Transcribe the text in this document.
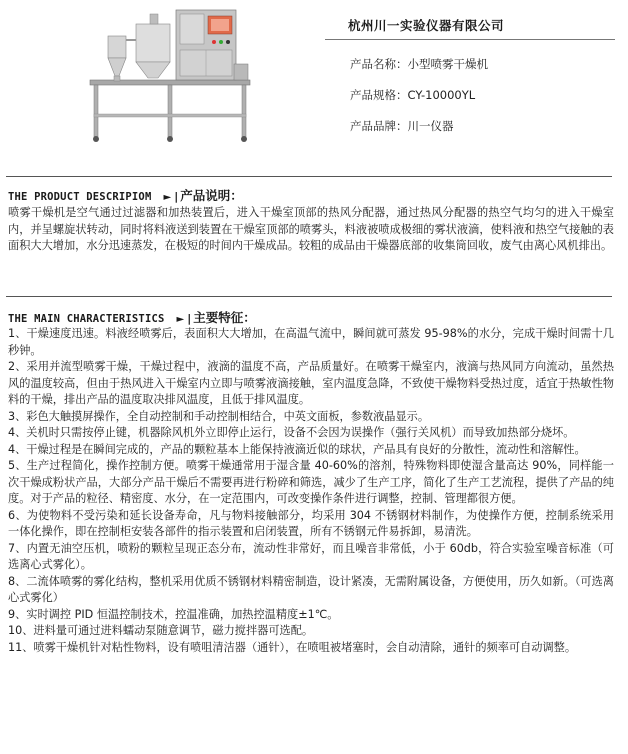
杭州川一实验仪器有限公司
产品名称：小型喷雾干燥机
产品规格：CY-10000YL
产品品牌：川一仪器
THE PRODUCT DESCRIPIOM ► | 产品说明：
喷雾干燥机是空气通过过滤器和加热装置后，进入干燥室顶部的热风分配器，通过热风分配器的热空气均匀的进入干燥室内，并呈螺旋状转动，同时将料液送到装置在干燥室顶部的喷雾头，料液被喷成极细的雾状液滴，使料液和热空气接触的表面积大大增加，水分迅速蒸发，在极短的时间内干燥成品。较粗的成品由干燥器底部的收集筒回收，废气由离心风机排出。
THE MAIN CHARACTERISTICS ► | 主要特征：

1、干燥速度迅速。料液经喷雾后，表面积大大增加，在高温气流中，瞬间就可蒸发 95-98%的水分，完成干燥时间需十几秒钟。

2、采用并流型喷雾干燥，干燥过程中，液滴的温度不高，产品质量好。在喷雾干燥室内，液滴与热风同方向流动，虽然热风的温度较高，但由于热风进入干燥室内立即与喷雾液滴接触，室内温度急降，不致使干燥物料受热过度，适宜于热敏性物料的干燥，排出产品的温度取决排风温度，且低于排风温度。

3、彩色大触摸屏操作，全自动控制和手动控制相结合，中英文面板，参数液晶显示。

4、关机时只需按停止键，机器除风机外立即停止运行，设备不会因为误操作（强行关风机）而导致加热部分烧坏。

4、干燥过程是在瞬间完成的，产品的颗粒基本上能保持液滴近似的球状，产品具有良好的分散性，流动性和溶解性。

5、生产过程简化，操作控制方便。喷雾干燥通常用于湿含量 40-60%的溶剂，特殊物料即使湿含量高达 90%，同样能一次干燥成粉状产品，大部分产品干燥后不需要再进行粉碎和筛选，减少了生产工序，简化了生产工艺流程，提供了产品的纯度。对于产品的粒径、精密度、水分，在一定范围内，可改变操作条件进行调整，控制、管理都很方便。

6、为使物料不受污染和延长设备寿命，凡与物料接触部分，均采用 304 不锈钢材料制作，为使操作方便，控制系统采用一体化操作，即在控制柜安装各部件的指示装置和启闭装置，所有不锈钢元件易拆卸，易清洗。

7、内置无油空压机，喷粉的颗粒呈现正态分布，流动性非常好，而且噪音非常低，小于 60db，符合实验室噪音标准（可选离心式雾化）。

8、二流体喷雾的雾化结构，整机采用优质不锈钢材料精密制造，设计紧凑，无需附属设备，方便使用，历久如新。（可选离心式雾化）

9、实时调控 PID 恒温控制技术，控温准确，加热控温精度±1℃。

10、进料量可通过进料蠕动泵随意调节，磁力搅拌器可选配。

11、喷雾干燥机针对粘性物料，设有喷咀清洁器（通针），在喷咀被堵塞时，会自动清除，通针的频率可自动调整。
